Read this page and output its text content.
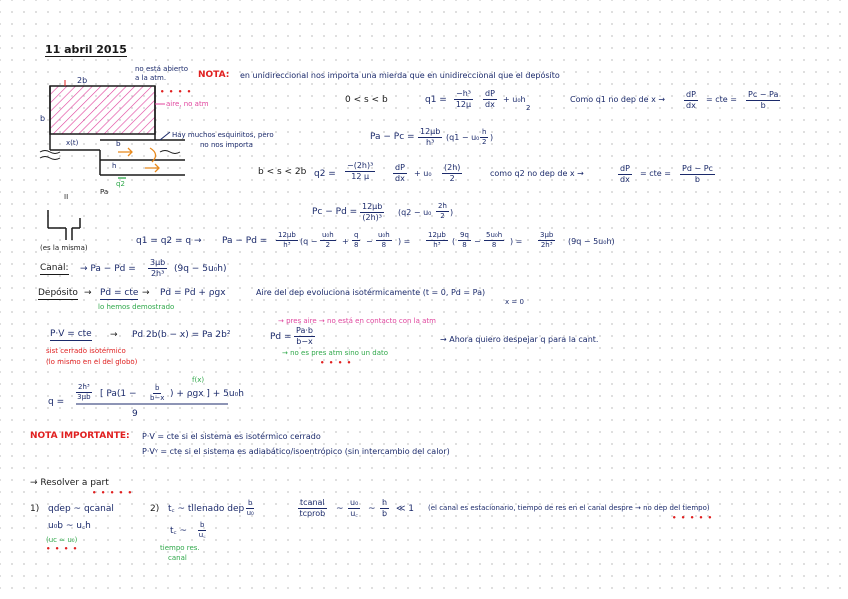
11 abril 2015
2b
b
no está abierto
a la atm.
• • • •
aire, no atm
x(t)	b
h
q2
Pa
II
Hay muchos esquinitos, pero
no nos importa
(es la misma)
NOTA: en unidireccional nos importa una mierda que en unidireccional que el depósito
0 < s < b	$q1 = \frac{\text{−h³}}{12\mu} \frac{dP}{dx} + u_0h$
2
Como q1 no dep de $x \to \frac{dP}{dx}$ = cte = $\frac{Pc - Pa}{b}$
$Pa - Pc = \frac{12\mu b}{\text{h³}} (q1 - u_0 \frac{h}{2}$ )
b < s < 2b $q2 = \frac{\text{−(2h)³}}{12 \mu} \frac{dP}{dx} + u_0 \frac{(2h)}{2}$	como q2 no dep de x →	$\frac{dP}{dx}$ = cte = $\frac{Pd - Pc}{b}$
$Pc - Pd = \frac{12\mu b}{\text{(2h)³}} (q2 - u_0 \frac{2h}{2}$ )
$q1 = q2 = q \to Pa - Pd = \frac{12\mu b}{\text{h³}} (q - \frac{\text{u₀h}}{2} + \frac{q}{8} - \frac{\text{u₀h}}{8}$ ) = $\frac{12\mu b}{\text{h³}}$ ( $\frac{9q}{8} - \frac{\text{5u₀h}}{8}$ ) = $\frac{3\mu b}{\text{2h³}} (9q - 5u_0h)$
Canal: → $Pa - Pd = \frac{3\mu b}{\text{2h³}} (9q - 5u_0h)$
Depósito → Pd = cte → Pd = Pd + ρgx
lo hemos demostrado
Aire del dep evoluciona isotérmicamente (t = 0, Pd = Pa)
x = 0
P·V = cte → Pd 2b(b − x) = Pa 2b²
sist cerrado isotérmico
(lo mismo en el del globo)
→ pres aire → no está en contacto con la atm
$Pd = \frac{Pa\cdot b}{b-x}$
→ no es pres atm sino un dato
• • • •
→ Ahora quiero despejar q para la cant.
q =
$\frac{\text{2h³}}{3\mu b}$ [ $Pa(1 - \frac{b}{b-x}$ ) + ρgx ] + 5u₀h
f(x)
9
NOTA IMPORTANTE: P·V = cte si el sistema es isotérmico cerrado
P·Vᵞ = cte si el sistema es adiabático/isoentrópico (sin intercambio del calor)
→ Resolver a part
• • • • •
1) qdep ~ qcanal
u₀b ~ u꜀h
(uc ≈ u₀)
• • • •
2) t꜀ ~ tllenado dep $\frac{b}{\text{u₀}}$
t꜀ ~ $\frac{b}{u꜀}$
tiempo res.
canal
tcanal
tcprob ~ $\frac{\text{u₀}}{u꜀}$ ~ $\frac{h}{b}$ ≪ 1 (el canal es estacionario, tiempo de res en el canal despre → no dep del tiempo)
• • • • •
